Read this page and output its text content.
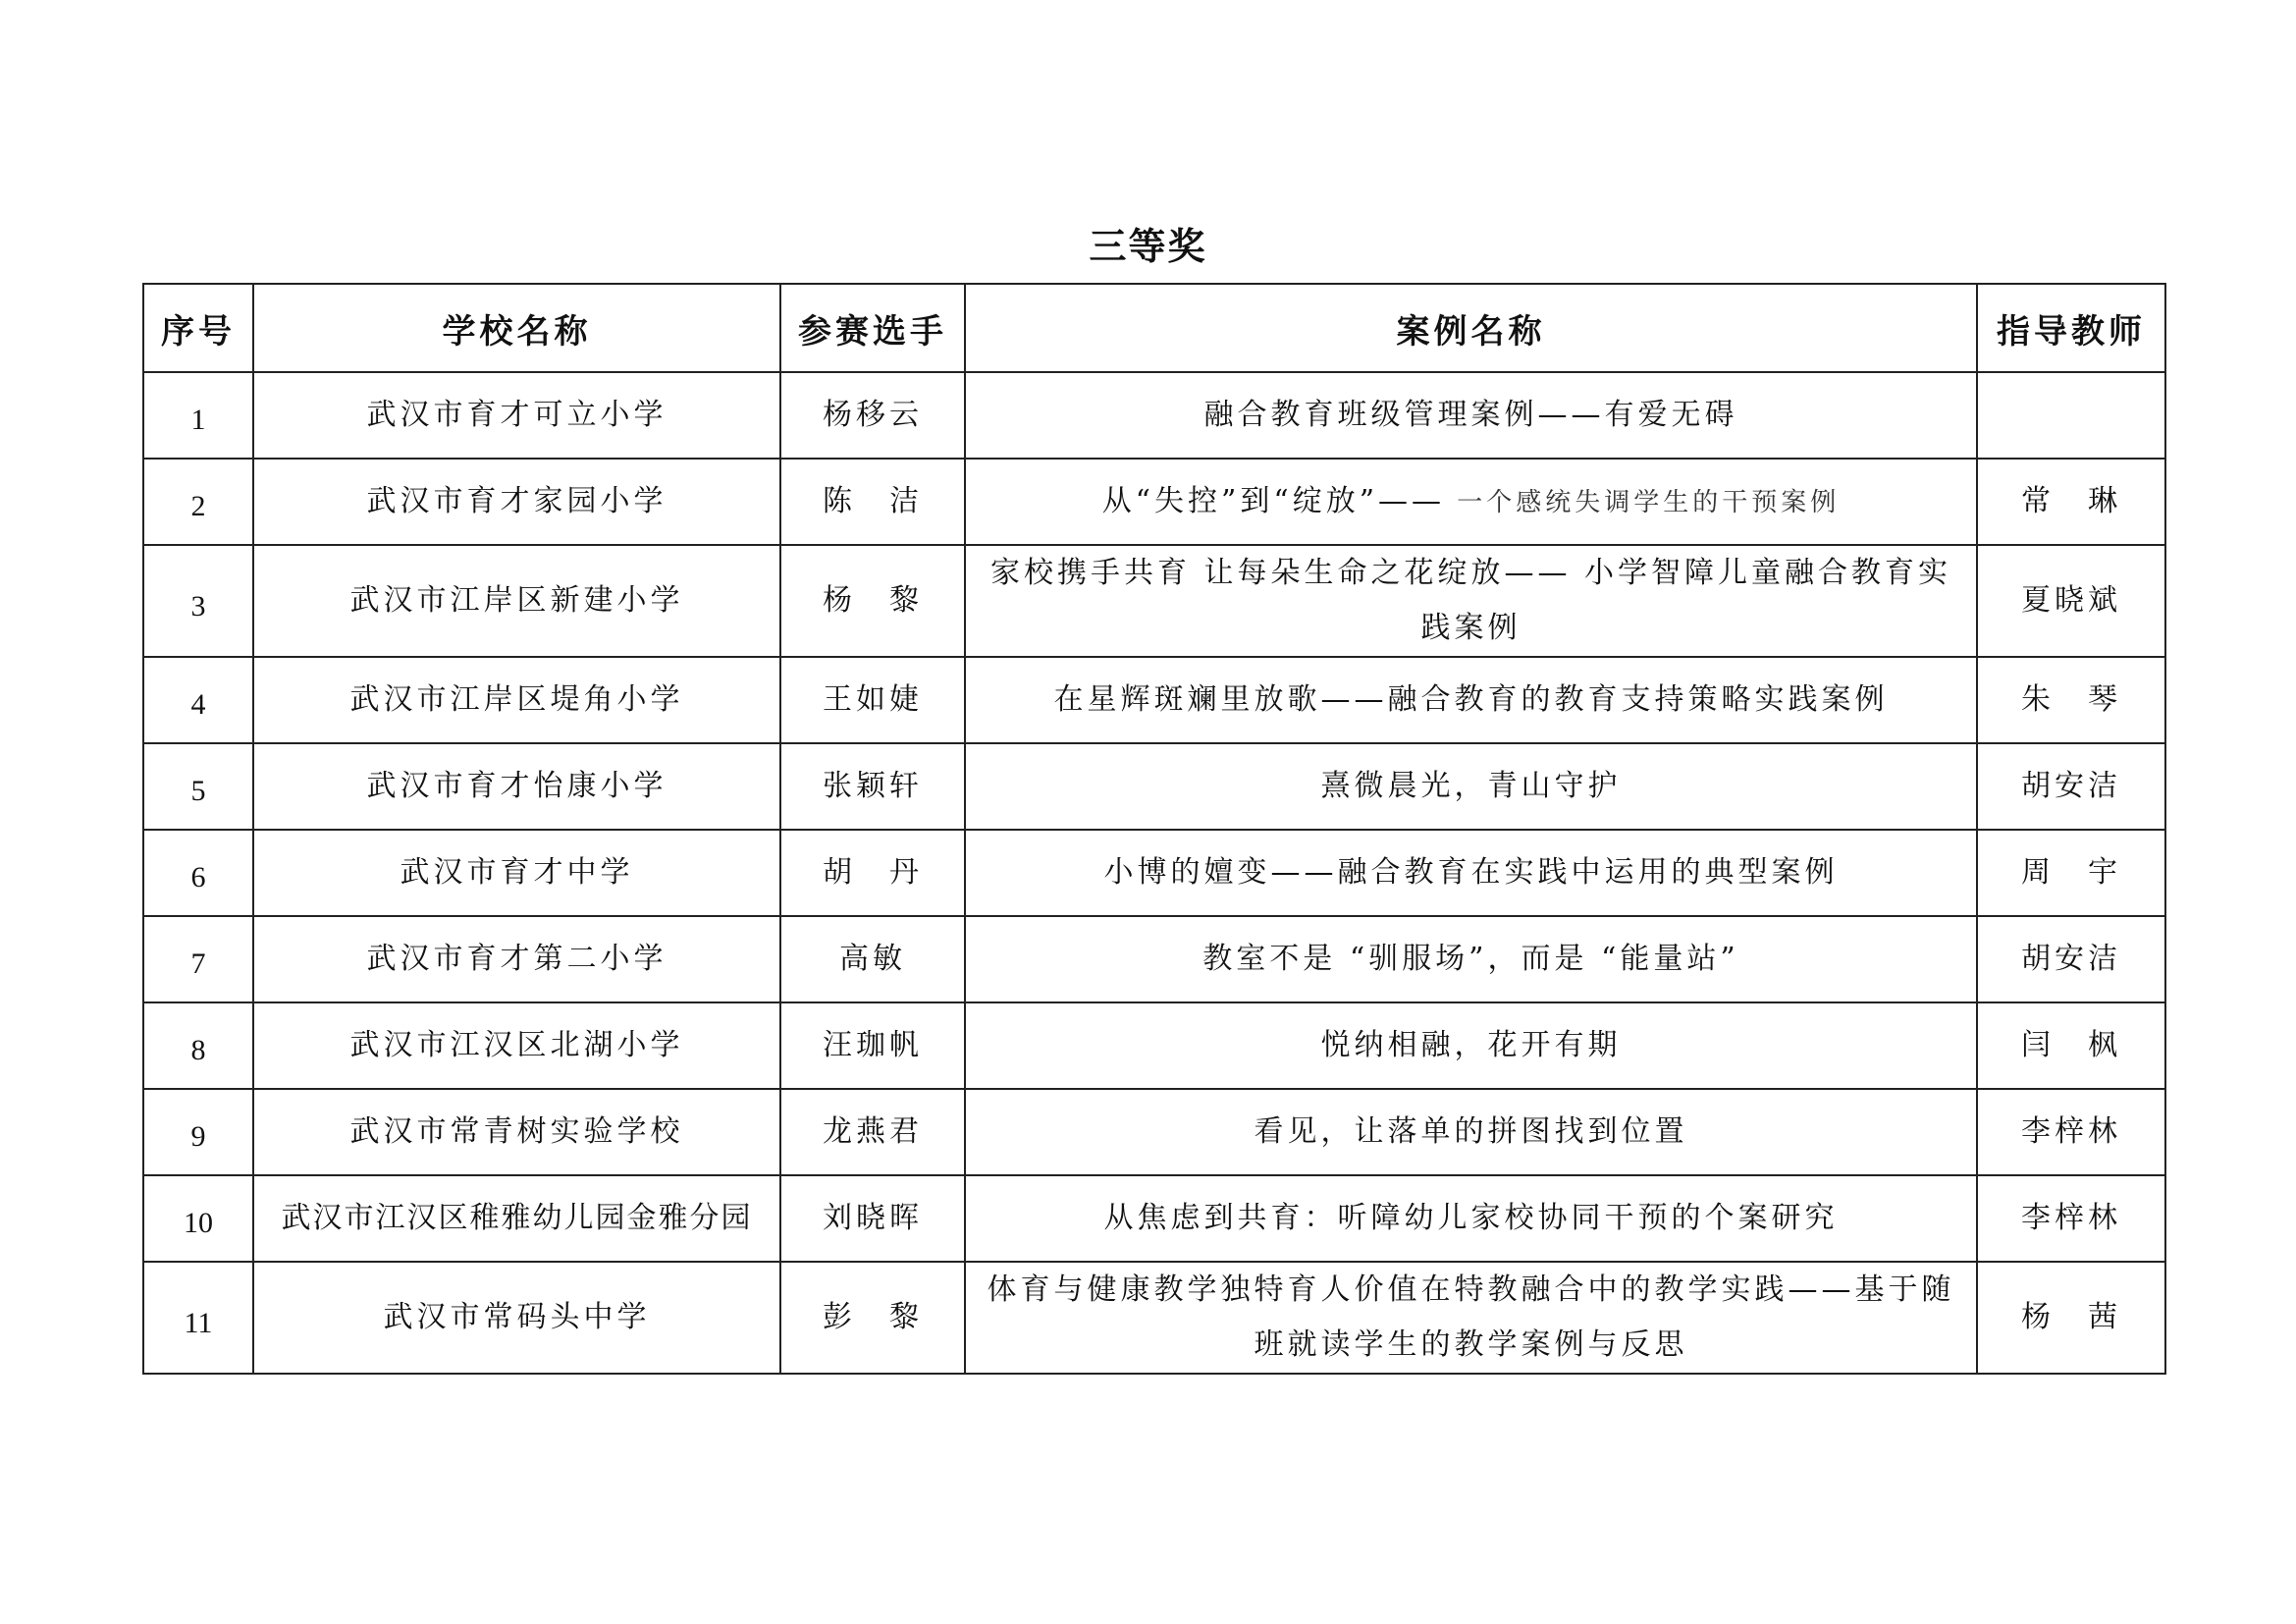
三等奖
序号	学校名称	参赛选手	案例名称	指导教师
1	武汉市育才可立小学	杨移云	融合教育班级管理案例——有爱无碍	
2	武汉市育才家园小学	陈　洁	从“失控”到“绽放”—— 一个感统失调学生的干预案例	常　琳
3	武汉市江岸区新建小学	杨　黎	家校携手共育 让每朵生命之花绽放—— 小学智障儿童融合教育实践案例	夏晓斌
4	武汉市江岸区堤角小学	王如婕	在星辉斑斓里放歌——融合教育的教育支持策略实践案例	朱　琴
5	武汉市育才怡康小学	张颖轩	熹微晨光，青山守护	胡安洁
6	武汉市育才中学	胡　丹	小博的嬗变——融合教育在实践中运用的典型案例	周　宇
7	武汉市育才第二小学	高敏	教室不是 “驯服场”，而是 “能量站”	胡安洁
8	武汉市江汉区北湖小学	汪珈帆	悦纳相融，花开有期	闫　枫
9	武汉市常青树实验学校	龙燕君	看见，让落单的拼图找到位置	李梓林
10	武汉市江汉区稚雅幼儿园金雅分园	刘晓晖	从焦虑到共育：听障幼儿家校协同干预的个案研究	李梓林
11	武汉市常码头中学	彭　黎	体育与健康教学独特育人价值在特教融合中的教学实践——基于随班就读学生的教学案例与反思	杨　茜
